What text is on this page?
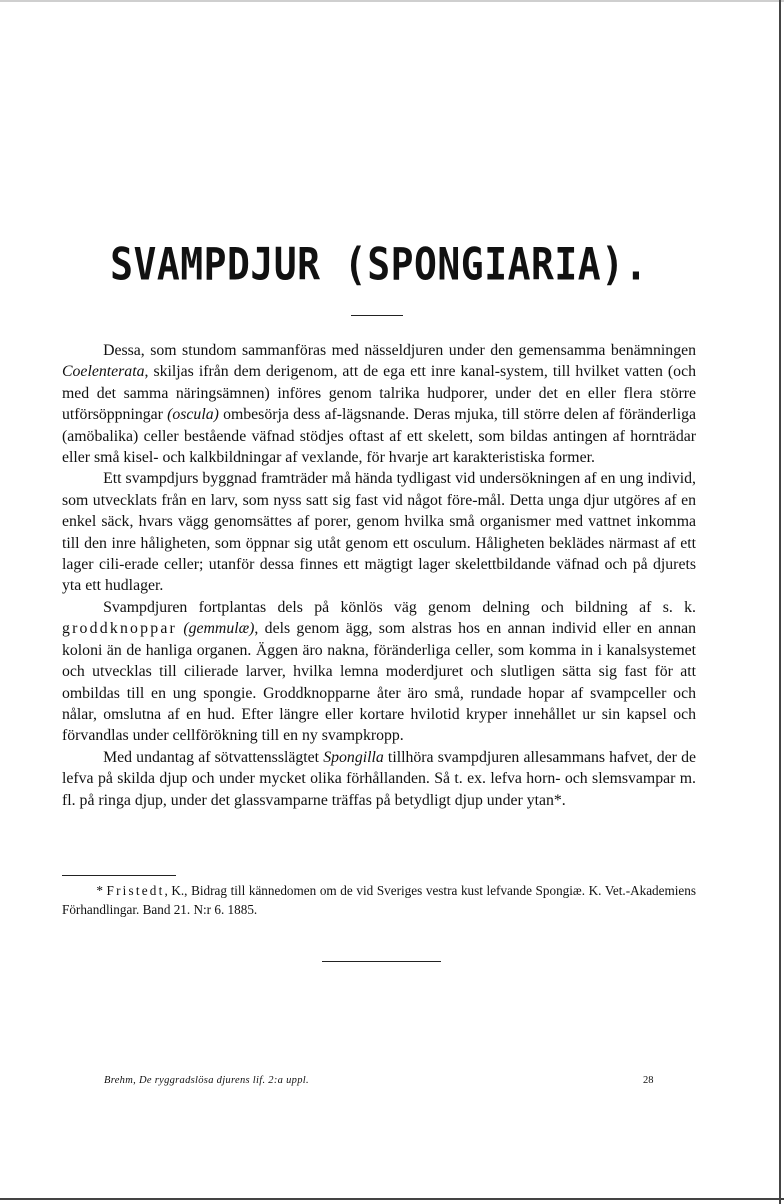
SVAMPDJUR (SPONGIARIA).

Dessa, som stundom sammanföras med nässeldjuren under den gemensamma benämningen Coelenterata, skiljas ifrån dem derigenom, att de ega ett inre kanal-system, till hvilket vatten (och med det samma näringsämnen) införes genom talrika hudporer, under det en eller flera större utförsöppningar (oscula) ombesörja dess af-lägsnande. Deras mjuka, till större delen af föränderliga (amöbalika) celler bestående väfnad stödjes oftast af ett skelett, som bildas antingen af hornträdar eller små kisel- och kalkbildningar af vexlande, för hvarje art karakteristiska former.

Ett svampdjurs byggnad framträder må hända tydligast vid undersökningen af en ung individ, som utvecklats från en larv, som nyss satt sig fast vid något före-mål. Detta unga djur utgöres af en enkel säck, hvars vägg genomsättes af porer, genom hvilka små organismer med vattnet inkomma till den inre håligheten, som öppnar sig utåt genom ett osculum. Håligheten beklädes närmast af ett lager cili-erade celler; utanför dessa finnes ett mägtigt lager skelettbildande väfnad och på djurets yta ett hudlager.

Svampdjuren fortplantas dels på könlös väg genom delning och bildning af s. k. groddknoppar (gemmulæ), dels genom ägg, som alstras hos en annan individ eller en annan koloni än de hanliga organen. Äggen äro nakna, föränderliga celler, som komma in i kanalsystemet och utvecklas till cilierade larver, hvilka lemna moderdjuret och slutligen sätta sig fast för att ombildas till en ung spongie. Groddknopparne åter äro små, rundade hopar af svampceller och nålar, omslutna af en hud. Efter längre eller kortare hvilotid kryper innehållet ur sin kapsel och förvandlas under cellförökning till en ny svampkropp.

Med undantag af sötvattensslägtet Spongilla tillhöra svampdjuren allesammans hafvet, der de lefva på skilda djup och under mycket olika förhållanden. Så t. ex. lefva horn- och slemsvampar m. fl. på ringa djup, under det glassvamparne träffas på betydligt djup under ytan*.

* Fristedt, K., Bidrag till kännedomen om de vid Sveriges vestra kust lefvande Spongiæ. K. Vet.-Akademiens Förhandlingar. Band 21. N:r 6. 1885.

Brehm, De ryggradslösa djurens lif. 2:a uppl.	28
